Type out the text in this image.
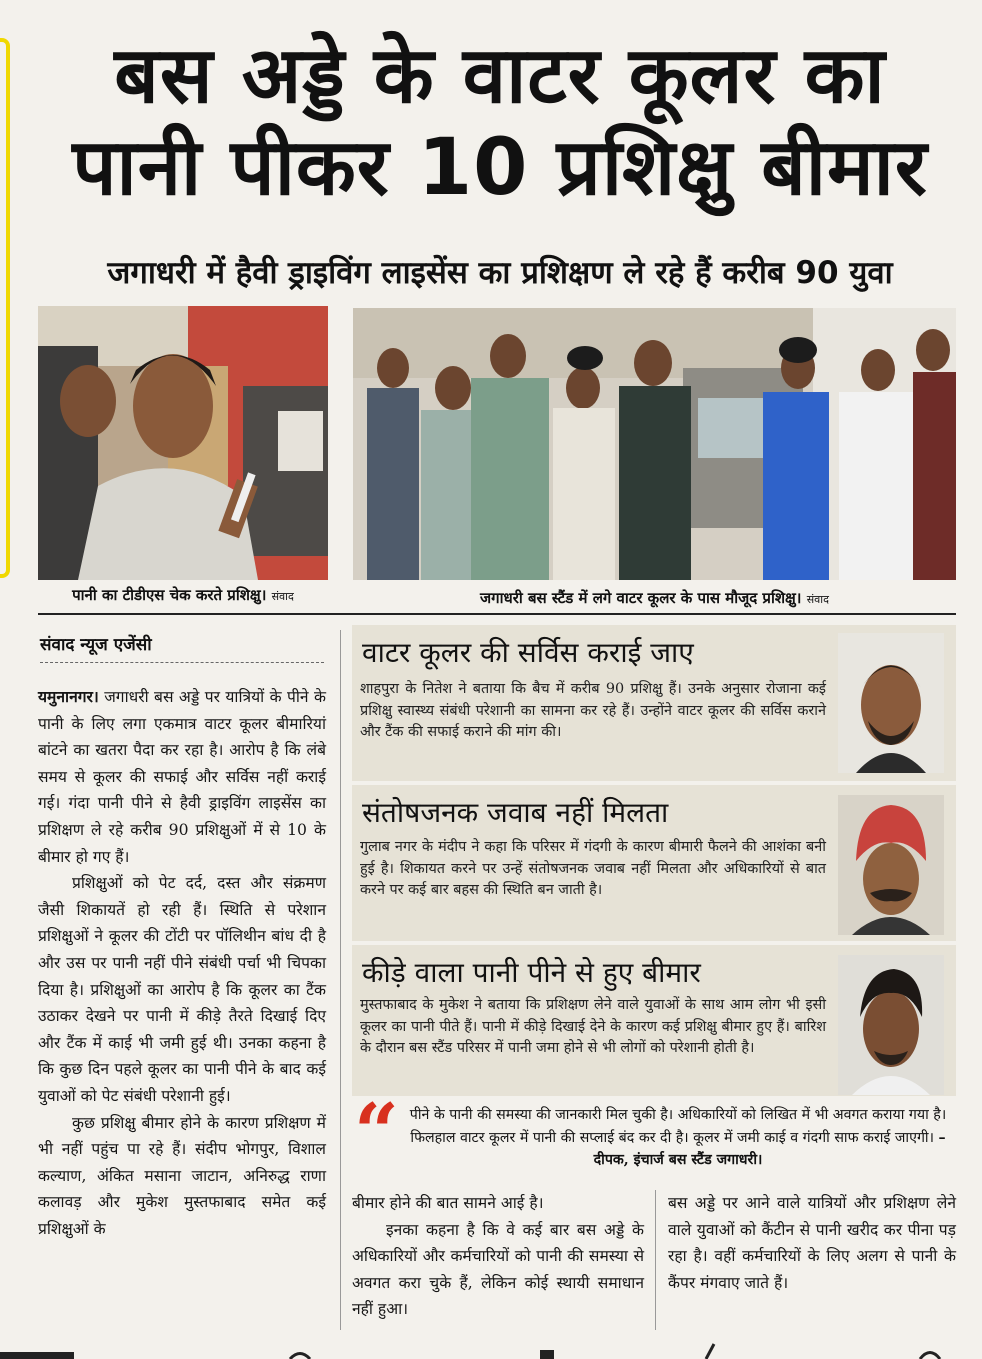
बस अड्डे के वाटर कूलर का
पानी पीकर 10 प्रशिक्षु बीमार
जगाधरी में हैवी ड्राइविंग लाइसेंस का प्रशिक्षण ले रहे हैं करीब 90 युवा
पानी का टीडीएस चेक करते प्रशिक्षु। संवाद	जगाधरी बस स्टैंड में लगे वाटर कूलर के पास मौजूद प्रशिक्षु। संवाद
संवाद न्यूज एजेंसी

यमुनानगर। जगाधरी बस अड्डे पर यात्रियों के पीने के पानी के लिए लगा एकमात्र वाटर कूलर बीमारियां बांटने का खतरा पैदा कर रहा है। आरोप है कि लंबे समय से कूलर की सफाई और सर्विस नहीं कराई गई। गंदा पानी पीने से हैवी ड्राइविंग लाइसेंस का प्रशिक्षण ले रहे करीब 90 प्रशिक्षुओं में से 10 के बीमार हो गए हैं।

प्रशिक्षुओं को पेट दर्द, दस्त और संक्रमण जैसी शिकायतें हो रही हैं। स्थिति से परेशान प्रशिक्षुओं ने कूलर की टोंटी पर पॉलिथीन बांध दी है और उस पर पानी नहीं पीने संबंधी पर्चा भी चिपका दिया है। प्रशिक्षुओं का आरोप है कि कूलर का टैंक उठाकर देखने पर पानी में कीड़े तैरते दिखाई दिए और टैंक में काई भी जमी हुई थी। उनका कहना है कि कुछ दिन पहले कूलर का पानी पीने के बाद कई युवाओं को पेट संबंधी परेशानी हुई।

कुछ प्रशिक्षु बीमार होने के कारण प्रशिक्षण में भी नहीं पहुंच पा रहे हैं। संदीप भोगपुर, विशाल कल्याण, अंकित मसाना जाटान, अनिरुद्ध राणा कलावड़ और मुकेश मुस्तफाबाद समेत कई प्रशिक्षुओं के

वाटर कूलर की सर्विस कराई जाए
शाहपुरा के नितेश ने बताया कि बैच में करीब 90 प्रशिक्षु हैं। उनके अनुसार रोजाना कई प्रशिक्षु स्वास्थ्य संबंधी परेशानी का सामना कर रहे हैं। उन्होंने वाटर कूलर की सर्विस कराने और टैंक की सफाई कराने की मांग की।
संतोषजनक जवाब नहीं मिलता
गुलाब नगर के मंदीप ने कहा कि परिसर में गंदगी के कारण बीमारी फैलने की आशंका बनी हुई है। शिकायत करने पर उन्हें संतोषजनक जवाब नहीं मिलता और अधिकारियों से बात करने पर कई बार बहस की स्थिति बन जाती है।
कीड़े वाला पानी पीने से हुए बीमार
मुस्तफाबाद के मुकेश ने बताया कि प्रशिक्षण लेने वाले युवाओं के साथ आम लोग भी इसी कूलर का पानी पीते हैं। पानी में कीड़े दिखाई देने के कारण कई प्रशिक्षु बीमार हुए हैं। बारिश के दौरान बस स्टैंड परिसर में पानी जमा होने से भी लोगों को परेशानी होती है।
“ पीने के पानी की समस्या की जानकारी मिल चुकी है। अधिकारियों को लिखित में भी अवगत कराया गया है। फिलहाल वाटर कूलर में पानी की सप्लाई बंद कर दी है। कूलर में जमी काई व गंदगी साफ कराई जाएगी। – दीपक, इंचार्ज बस स्टैंड जगाधरी।

बीमार होने की बात सामने आई है।

इनका कहना है कि वे कई बार बस अड्डे के अधिकारियों और कर्मचारियों को पानी की समस्या से अवगत करा चुके हैं, लेकिन कोई स्थायी समाधान नहीं हुआ।

बस अड्डे पर आने वाले यात्रियों और प्रशिक्षण लेने वाले युवाओं को कैंटीन से पानी खरीद कर पीना पड़ रहा है। वहीं कर्मचारियों के लिए अलग से पानी के कैंपर मंगवाए जाते हैं।
